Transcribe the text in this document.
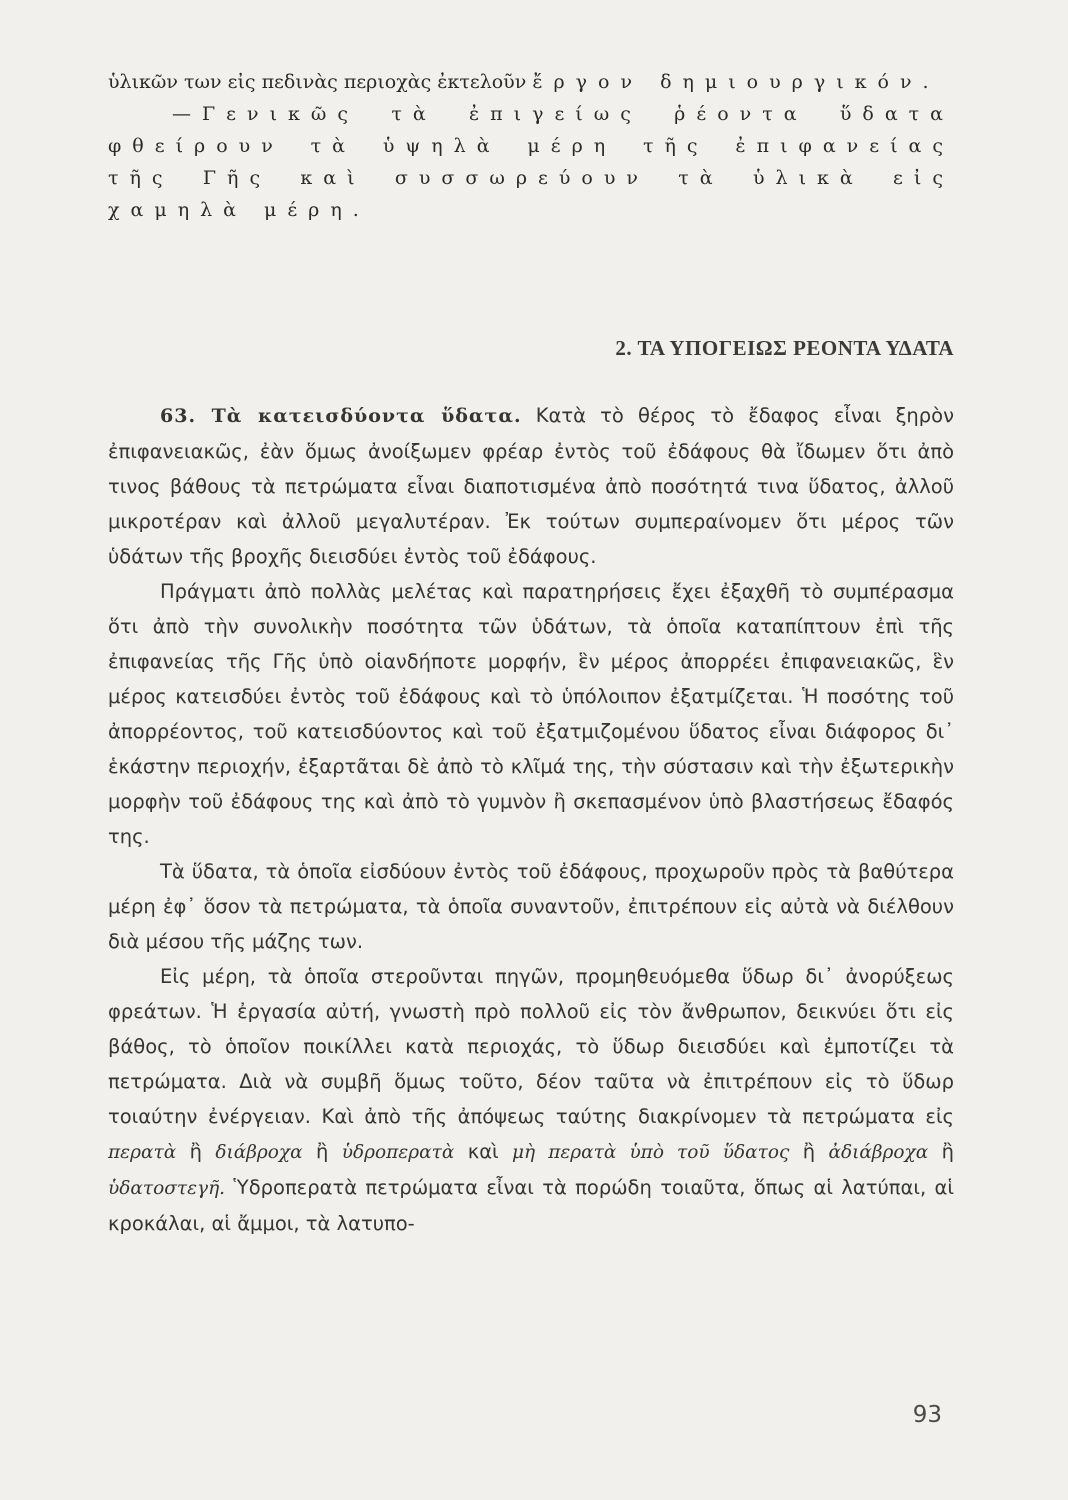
ὑλικῶν των εἰς πεδινὰς περιοχὰς ἐκτελοῦν ἔργον δημιουργικόν.

—Γενικῶς τὰ ἐπιγείως ῥέοντα ὕδατα φθείρουν τὰ ὑψηλὰ μέρη τῆς ἐπιφανείας τῆς Γῆς καὶ συσσωρεύουν τὰ ὑλικὰ εἰς χαμηλὰ μέρη.

2. ΤΑ ΥΠΟΓΕΙΩΣ ΡΕΟΝΤΑ ΥΔΑΤΑ

63. Τὰ κατεισδύοντα ὕδατα. Κατὰ τὸ θέρος τὸ ἔδαφος εἶναι ξηρὸν ἐπιφανειακῶς, ἐὰν ὅμως ἀνοίξωμεν φρέαρ ἐντὸς τοῦ ἐδάφους θὰ ἴδωμεν ὅτι ἀπὸ τινος βάθους τὰ πετρώματα εἶναι διαποτισμένα ἀπὸ ποσότητά τινα ὕδατος, ἀλλοῦ μικροτέραν καὶ ἀλλοῦ μεγαλυτέραν. Ἐκ τούτων συμπεραίνομεν ὅτι μέρος τῶν ὑδάτων τῆς βροχῆς διεισδύει ἐντὸς τοῦ ἐδάφους.

Πράγματι ἀπὸ πολλὰς μελέτας καὶ παρατηρήσεις ἔχει ἐξαχθῆ τὸ συμπέρασμα ὅτι ἀπὸ τὴν συνολικὴν ποσότητα τῶν ὑδάτων, τὰ ὁποῖα καταπίπτουν ἐπὶ τῆς ἐπιφανείας τῆς Γῆς ὑπὸ οἱανδήποτε μορφήν, ἓν μέρος ἀπορρέει ἐπιφανειακῶς, ἓν μέρος κατεισδύει ἐντὸς τοῦ ἐδάφους καὶ τὸ ὑπόλοιπον ἐξατμίζεται. Ἡ ποσότης τοῦ ἀπορρέοντος, τοῦ κατεισδύοντος καὶ τοῦ ἐξατμιζομένου ὕδατος εἶναι διάφορος δι᾽ ἑκάστην περιοχήν, ἐξαρτᾶται δὲ ἀπὸ τὸ κλῖμά της, τὴν σύστασιν καὶ τὴν ἐξωτερικὴν μορφὴν τοῦ ἐδάφους της καὶ ἀπὸ τὸ γυμνὸν ἢ σκεπασμένον ὑπὸ βλαστήσεως ἔδαφός της.

Τὰ ὕδατα, τὰ ὁποῖα εἰσδύουν ἐντὸς τοῦ ἐδάφους, προχωροῦν πρὸς τὰ βαθύτερα μέρη ἐφ᾽ ὅσον τὰ πετρώματα, τὰ ὁποῖα συναντοῦν, ἐπιτρέπουν εἰς αὐτὰ νὰ διέλθουν διὰ μέσου τῆς μάζης των.

Εἰς μέρη, τὰ ὁποῖα στεροῦνται πηγῶν, προμηθευόμεθα ὕδωρ δι᾽ ἀνορύξεως φρεάτων. Ἡ ἐργασία αὐτή, γνωστὴ πρὸ πολλοῦ εἰς τὸν ἄνθρωπον, δεικνύει ὅτι εἰς βάθος, τὸ ὁποῖον ποικίλλει κατὰ περιοχάς, τὸ ὕδωρ διεισδύει καὶ ἐμποτίζει τὰ πετρώματα. Διὰ νὰ συμβῆ ὅμως τοῦτο, δέον ταῦτα νὰ ἐπιτρέπουν εἰς τὸ ὕδωρ τοιαύτην ἐνέργειαν. Καὶ ἀπὸ τῆς ἀπόψεως ταύτης διακρίνομεν τὰ πετρώματα εἰς περατὰ ἢ διάβροχα ἢ ὑδροπερατὰ καὶ μὴ περατὰ ὑπὸ τοῦ ὕδατος ἢ ἀδιάβροχα ἢ ὑδατοστεγῆ. Ὑδροπερατὰ πετρώματα εἶναι τὰ πορώδη τοιαῦτα, ὅπως αἱ λατύπαι, αἱ κροκάλαι, αἱ ἄμμοι, τὰ λατυπο-

93
